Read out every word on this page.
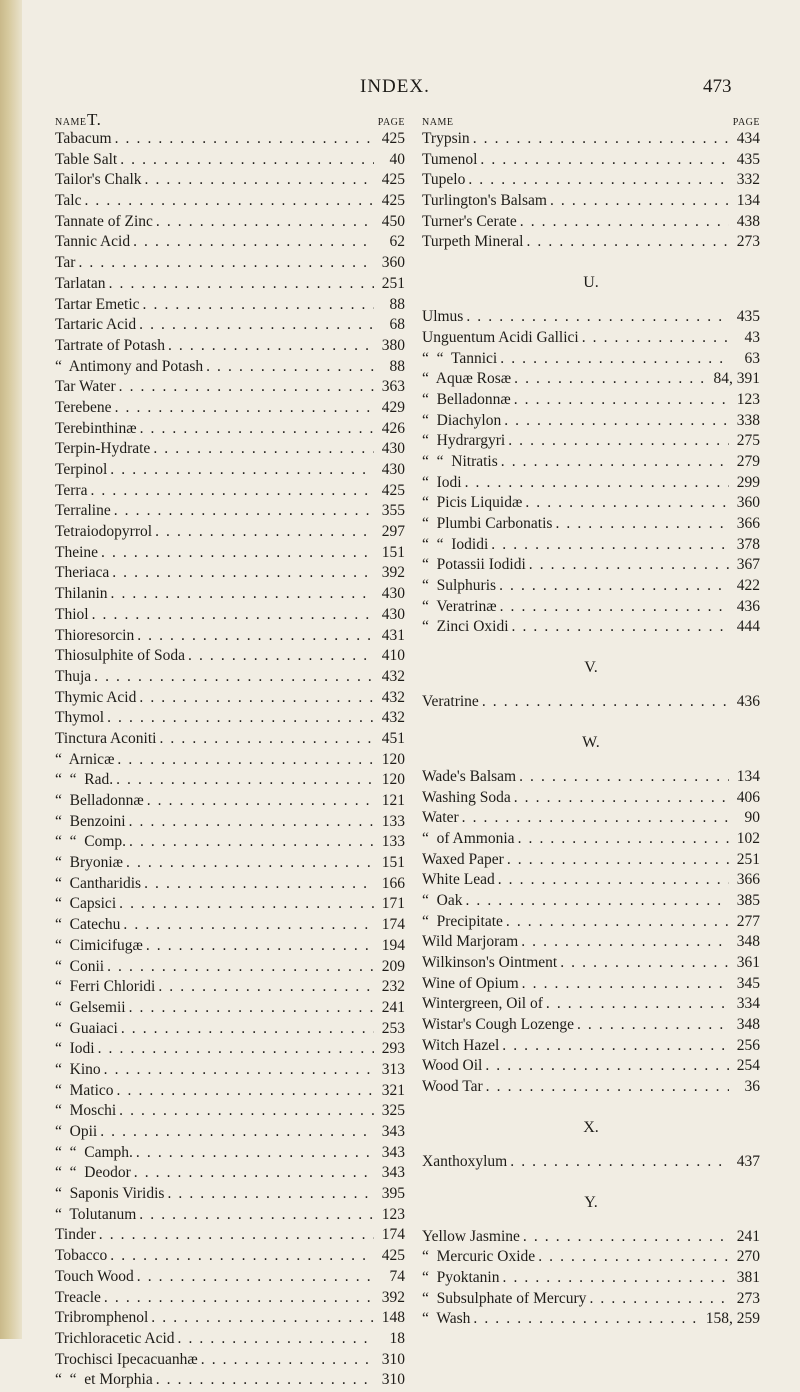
INDEX.	473
NAME T.	PAGE
Tabacum . . .	425
Table Salt . . .	40
Tailor's Chalk . . .	425
Talc . . .	425
Tannate of Zinc . . .	450
Tannic Acid . . .	62
Tar . . .	360
Tarlatan . . .	251
Tartar Emetic . . .	88
Tartaric Acid . . .	68
Tartrate of Potash . . .	380
“  Antimony and Potash . . .	88
Tar Water . . .	363
Terebene . . .	429
Terebinthinæ . . .	426
Terpin-Hydrate . . .	430
Terpinol . . .	430
Terra . . .	425
Terraline . . .	355
Tetraiodopyrrol . . .	297
Theine . . .	151
Theriaca . . .	392
Thilanin . . .	430
Thiol . . .	430
Thioresorcin . . .	431
Thiosulphite of Soda . . .	410
Thuja . . .	432
Thymic Acid . . .	432
Thymol . . .	432
Tinctura Aconiti . . .	451
“  Arnicæ . . .	120
“  “  Rad. . . .	120
“  Belladonnæ . . .	121
“  Benzoini . . .	133
“  “  Comp. . . .	133
“  Bryoniæ . . .	151
“  Cantharidis . . .	166
“  Capsici . . .	171
“  Catechu . . .	174
“  Cimicifugæ . . .	194
“  Conii . . .	209
“  Ferri Chloridi . . .	232
“  Gelsemii . . .	241
“  Guaiaci . . .	253
“  Iodi . . .	293
“  Kino . . .	313
“  Matico . . .	321
“  Moschi . . .	325
“  Opii . . .	343
“  “  Camph. . . .	343
“  “  Deodor . . .	343
“  Saponis Viridis . . .	395
“  Tolutanum . . .	123
Tinder . . .	174
Tobacco . . .	425
Touch Wood . . .	74
Treacle . . .	392
Tribromphenol . . .	148
Trichloracetic Acid . . .	18
Trochisci Ipecacuanhæ . . .	310
“  “  et Morphia . . .	310
NAME	PAGE
Trypsin . . .	434
Tumenol . . .	435
Tupelo . . .	332
Turlington's Balsam . . .	134
Turner's Cerate . . .	438
Turpeth Mineral . . .	273
U.
Ulmus . . .	435
Unguentum Acidi Gallici . . .	43
“  “  Tannici . . .	63
“  Aquæ Rosæ . . .	84, 391
“  Belladonnæ . . .	123
“  Diachylon . . .	338
“  Hydrargyri . . .	275
“  “  Nitratis . . .	279
“  Iodi . . .	299
“  Picis Liquidæ . . .	360
“  Plumbi Carbonatis . . .	366
“  “  Iodidi . . .	378
“  Potassii Iodidi . . .	367
“  Sulphuris . . .	422
“  Veratrinæ . . .	436
“  Zinci Oxidi . . .	444
V.
Veratrine . . .	436
W.
Wade's Balsam . . .	134
Washing Soda . . .	406
Water . . .	90
“  of Ammonia . . .	102
Waxed Paper . . .	251
White Lead . . .	366
“  Oak . . .	385
“  Precipitate . . .	277
Wild Marjoram . . .	348
Wilkinson's Ointment . . .	361
Wine of Opium . . .	345
Wintergreen, Oil of . . .	334
Wistar's Cough Lozenge . . .	348
Witch Hazel . . .	256
Wood Oil . . .	254
Wood Tar . . .	36
X.
Xanthoxylum . . .	437
Y.
Yellow Jasmine . . .	241
“  Mercuric Oxide . . .	270
“  Pyoktanin . . .	381
“  Subsulphate of Mercury . . .	273
“  Wash . . .	158, 259
